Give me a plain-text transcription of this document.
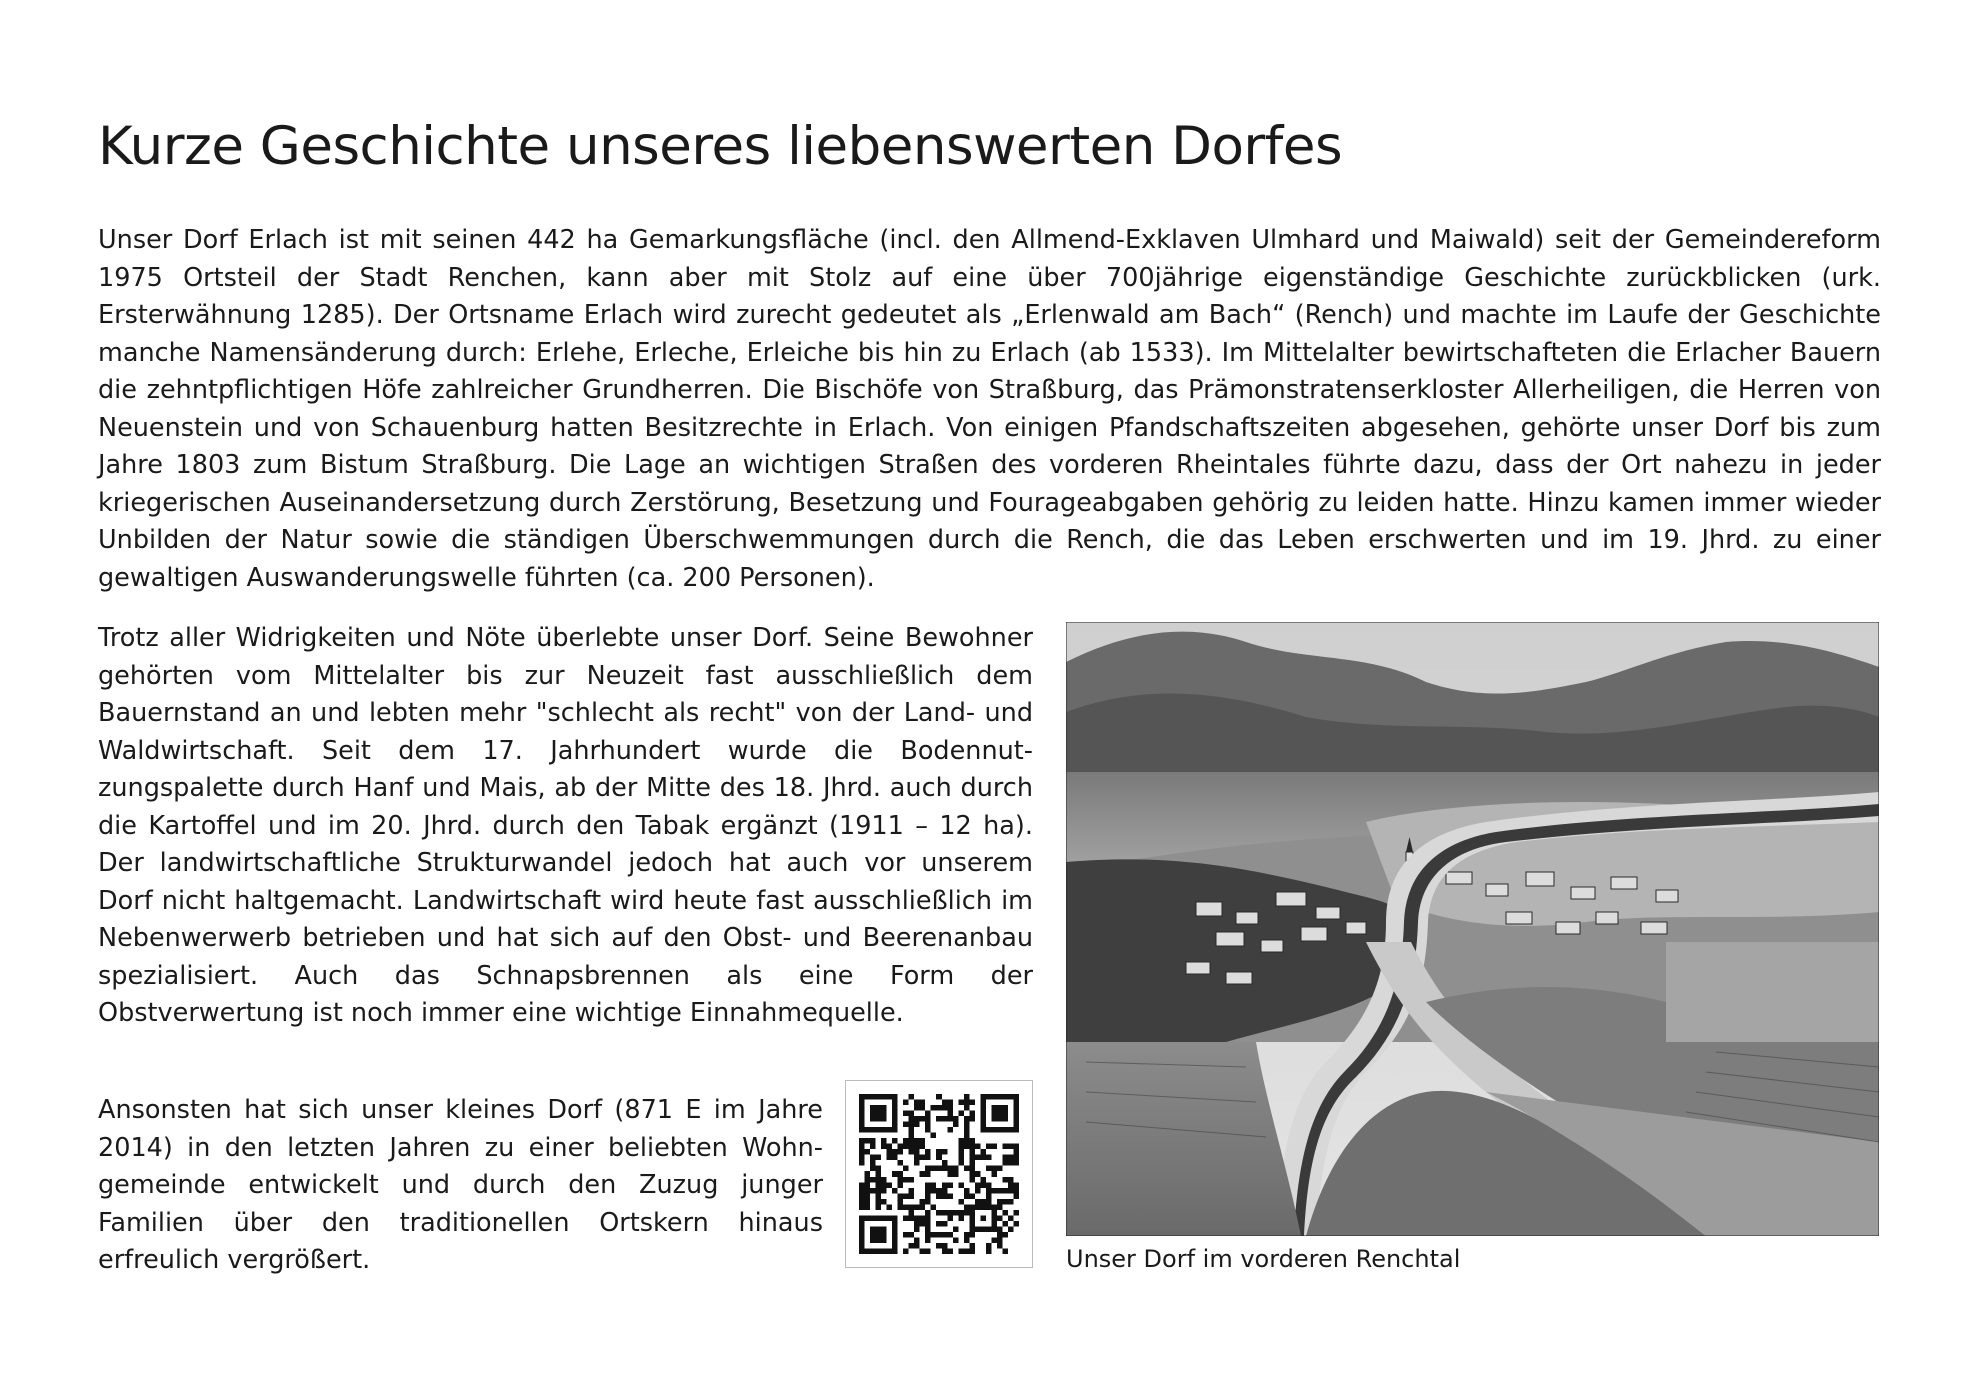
Kurze Geschichte unseres liebenswerten Dorfes

Unser Dorf Erlach ist mit seinen 442 ha Gemarkungsfläche (incl. den Allmend-Exklaven Ulmhard und Maiwald) seit der Gemeindereform 1975 Ortsteil der Stadt Renchen, kann aber mit Stolz auf eine über 700jährige eigenständige Geschichte zurückblicken (urk. Ersterwähnung 1285). Der Ortsname Erlach wird zurecht gedeutet als „Erlenwald am Bach“ (Rench) und machte im Laufe der Geschichte manche Namensänderung durch: Erlehe, Erleche, Erleiche bis hin zu Erlach (ab 1533). Im Mittelalter bewirtschafteten die Erlacher Bauern die zehntpflichtigen Höfe zahlreicher Grundherren. Die Bischöfe von Straßburg, das Prämonstratenserkloster Allerheiligen, die Herren von Neuenstein und von Schauenburg hatten Besitzrechte in Erlach. Von einigen Pfandschaftszeiten abgesehen, gehörte unser Dorf bis zum Jahre 1803 zum Bistum Straßburg. Die Lage an wichtigen Straßen des vorderen Rheintales führte dazu, dass der Ort nahezu in jeder kriegerischen Auseinandersetzung durch Zerstörung, Besetzung und Fourageabgaben gehörig zu leiden hatte. Hinzu kamen immer wieder Unbilden der Natur sowie die ständigen Überschwemmungen durch die Rench, die das Leben erschwerten und im 19. Jhrd. zu einer gewaltigen Auswanderungswelle führten (ca. 200 Personen).

Trotz aller Widrigkeiten und Nöte überlebte unser Dorf. Seine Bewohner gehörten vom Mittelalter bis zur Neuzeit fast ausschließlich dem Bauernstand an und lebten mehr "schlecht als recht" von der Land- und Waldwirtschaft. Seit dem 17. Jahrhundert wurde die Bodennutzungspalette durch Hanf und Mais, ab der Mitte des 18. Jhrd. auch durch die Kartoffel und im 20. Jhrd. durch den Tabak ergänzt (1911 – 12 ha). Der landwirtschaftliche Strukturwandel jedoch hat auch vor unserem Dorf nicht haltgemacht. Landwirtschaft wird heute fast ausschließlich im Nebenwerwerb betrieben und hat sich auf den Obst- und Beerenanbau spezialisiert. Auch das Schnapsbrennen als eine Form der Obstverwertung ist noch immer eine wichtige Einnahmequelle.

Ansonsten hat sich unser kleines Dorf (871 E im Jahre 2014) in den letzten Jahren zu einer beliebten Wohngemeinde entwickelt und durch den Zuzug junger Familien über den traditionellen Ortskern hinaus erfreulich vergrößert.	Unser Dorf im vorderen Renchtal
